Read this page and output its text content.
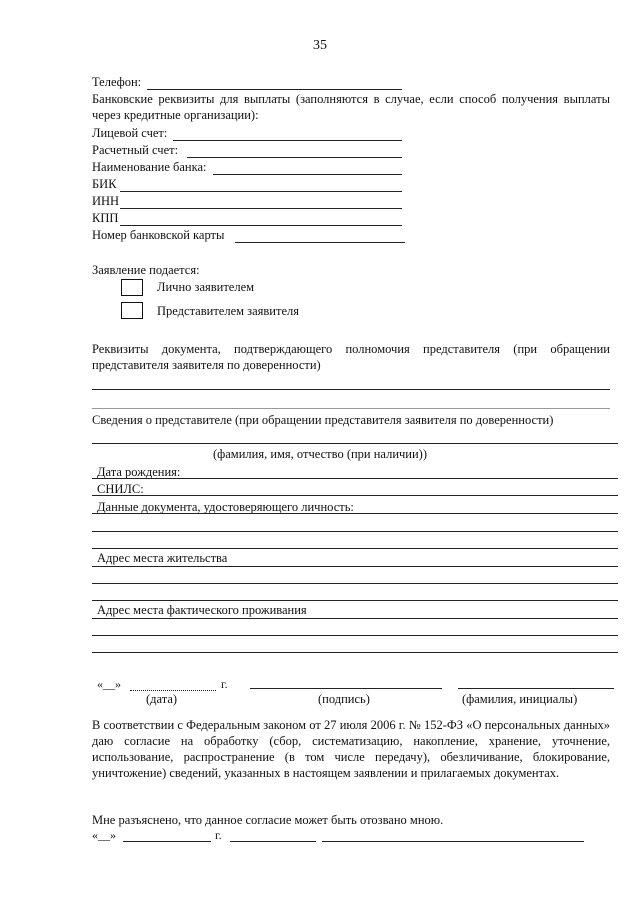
35
Телефон:
Банковские реквизиты для выплаты (заполняются в случае, если способ получения выплаты через кредитные организации):
Лицевой счет:
Расчетный счет:
Наименование банка:
БИК
ИНН
КПП
Номер банковской карты
Заявление подается:
Лично заявителем
Представителем заявителя
Реквизиты документа, подтверждающего полномочия представителя (при обращении представителя заявителя по доверенности)
Сведения о представителе (при обращении представителя заявителя по доверенности)
(фамилия, имя, отчество (при наличии))
Дата рождения:
СНИЛС:
Данные документа, удостоверяющего личность:
Адрес места жительства
Адрес места фактического проживания
«__»	г.
(дата)	(подпись)	(фамилия, инициалы)
В соответствии с Федеральным законом от 27 июля 2006 г. № 152-ФЗ «О персональных данных» даю согласие на обработку (сбор, систематизацию, накопление, хранение, уточнение, использование, распространение (в том числе передачу), обезличивание, блокирование, уничтожение) сведений, указанных в настоящем заявлении и прилагаемых документах.
Мне разъяснено, что данное согласие может быть отозвано мною.
«__»	г.
